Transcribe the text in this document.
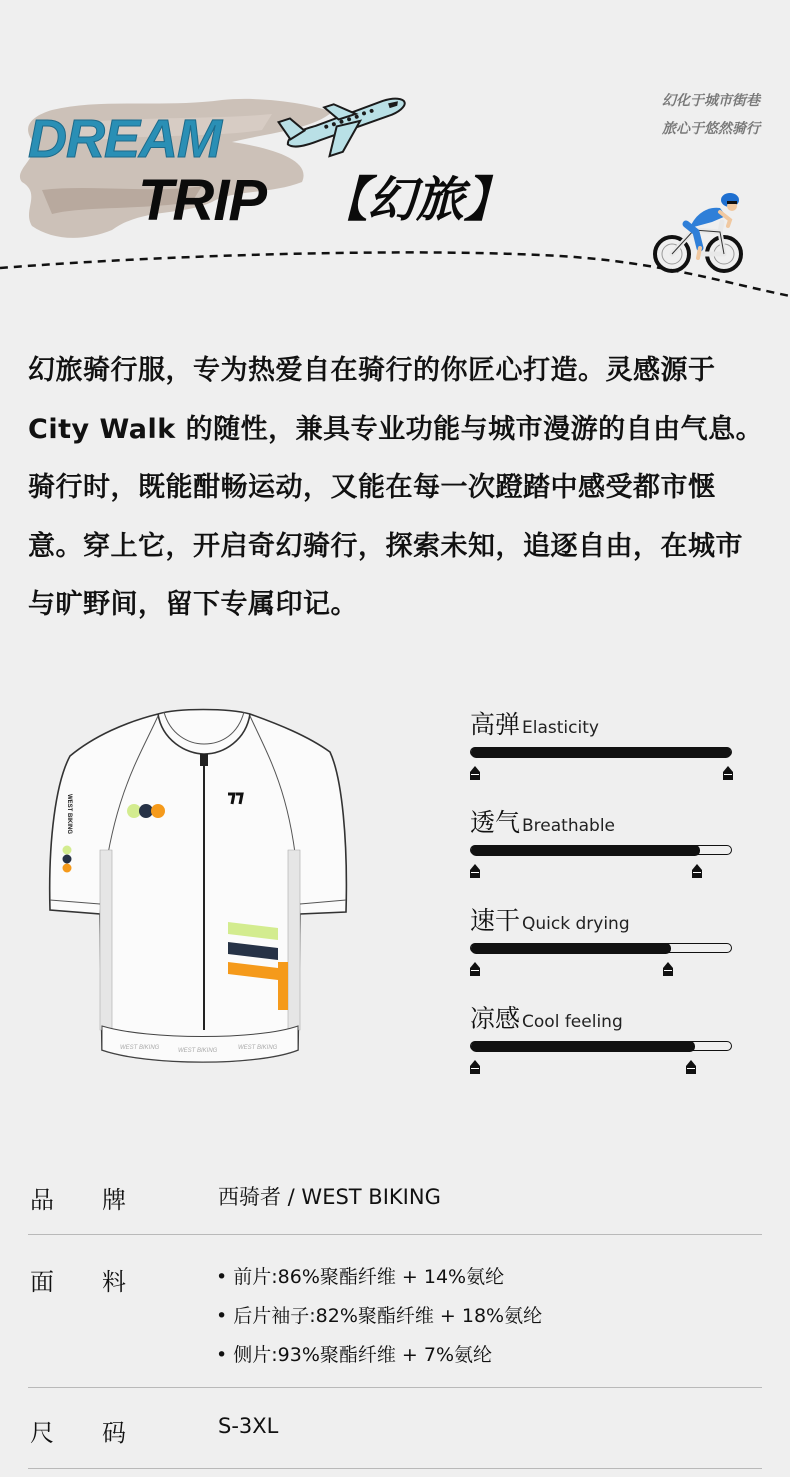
DREAM
TRIP 【幻旅】
幻化于城市街巷
旅心于悠然骑行
幻旅骑行服，专为热爱自在骑行的你匠心打造。灵感源于 City Walk 的随性，兼具专业功能与城市漫游的自由气息。骑行时，既能酣畅运动，又能在每一次蹬踏中感受都市惬意。穿上它，开启奇幻骑行，探索未知，追逐自由，在城市与旷野间，留下专属印记。
WEST BIKING
WEST BIKING	WEST BIKING	WEST BIKING
高弹 Elasticity
透气 Breathable
速干 Quick drying
凉感 Cool feeling
品　　牌	西骑者 / WEST BIKING
面　　料	• 前片:86%聚酯纤维 + 14%氨纶
• 后片袖子:82%聚酯纤维 + 18%氨纶
• 侧片:93%聚酯纤维 + 7%氨纶
尺　　码	S-3XL
